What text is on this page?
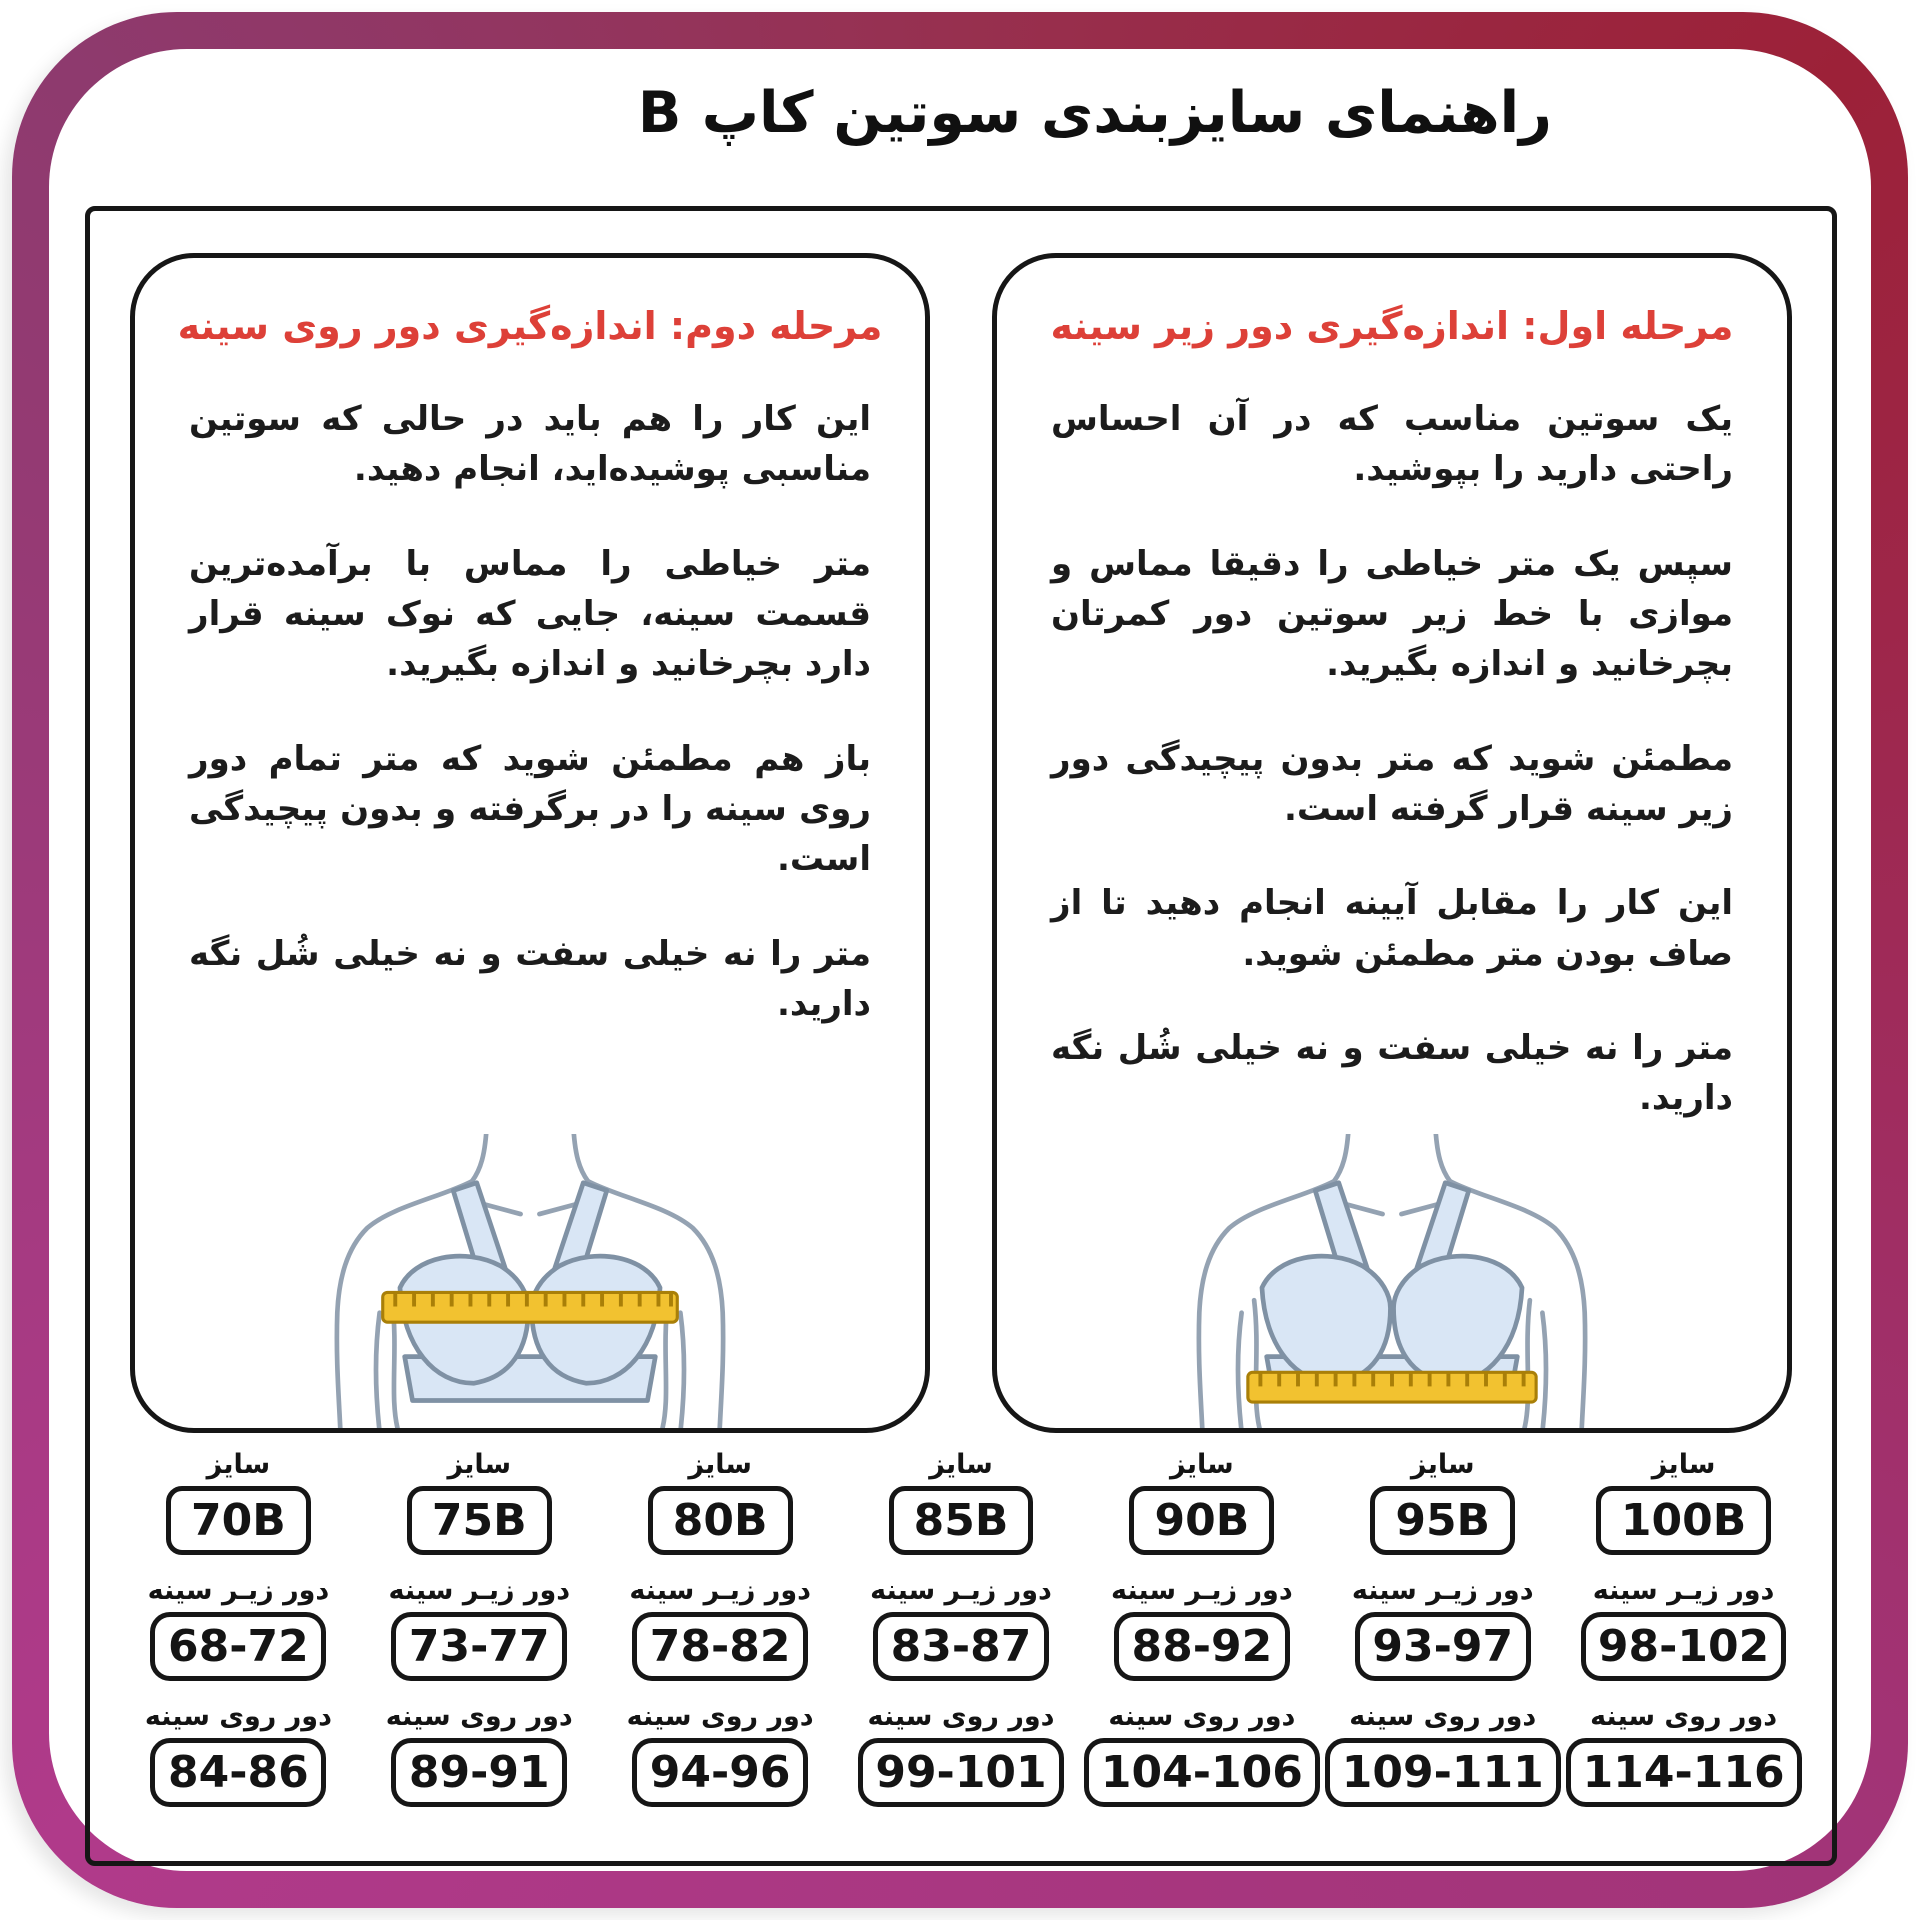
راهنمای سایزبندی سوتین کاپ B
مرحله اول: اندازه‌گیری دور زیر سینه

یک سوتین مناسب که در آن احساس راحتی دارید را بپوشید.

سپس یک متر خیاطی را دقیقا مماس و موازی با خط زیر سوتین دور کمرتان بچرخانید و اندازه بگیرید.

مطمئن شوید که متر بدون پیچیدگی دور زیر سینه قرار گرفته است.

این کار را مقابل آیینه انجام دهید تا از صاف بودن متر مطمئن شوید.

متر را نه خیلی سفت و نه خیلی شُل نگه دارید.

مرحله دوم: اندازه‌گیری دور روی سینه

این کار را هم باید در حالی که سوتین مناسبی پوشیده‌اید، انجام دهید.

متر خیاطی را مماس با برآمده‌ترین قسمت سینه، جایی که نوک سینه قرار دارد بچرخانید و اندازه بگیرید.

باز هم مطمئن شوید که متر تمام دور روی سینه را در برگرفته و بدون پیچیدگی است.

متر را نه خیلی سفت و نه خیلی شُل نگه دارید.

سایز
70B
دور زیـر سینه
68-72
دور روی سینه
84-86
سایز
75B
دور زیـر سینه
73-77
دور روی سینه
89-91
سایز
80B
دور زیـر سینه
78-82
دور روی سینه
94-96
سایز
85B
دور زیـر سینه
83-87
دور روی سینه
99-101
سایز
90B
دور زیـر سینه
88-92
دور روی سینه
104-106
سایز
95B
دور زیـر سینه
93-97
دور روی سینه
109-111
سایز
100B
دور زیـر سینه
98-102
دور روی سینه
114-116
